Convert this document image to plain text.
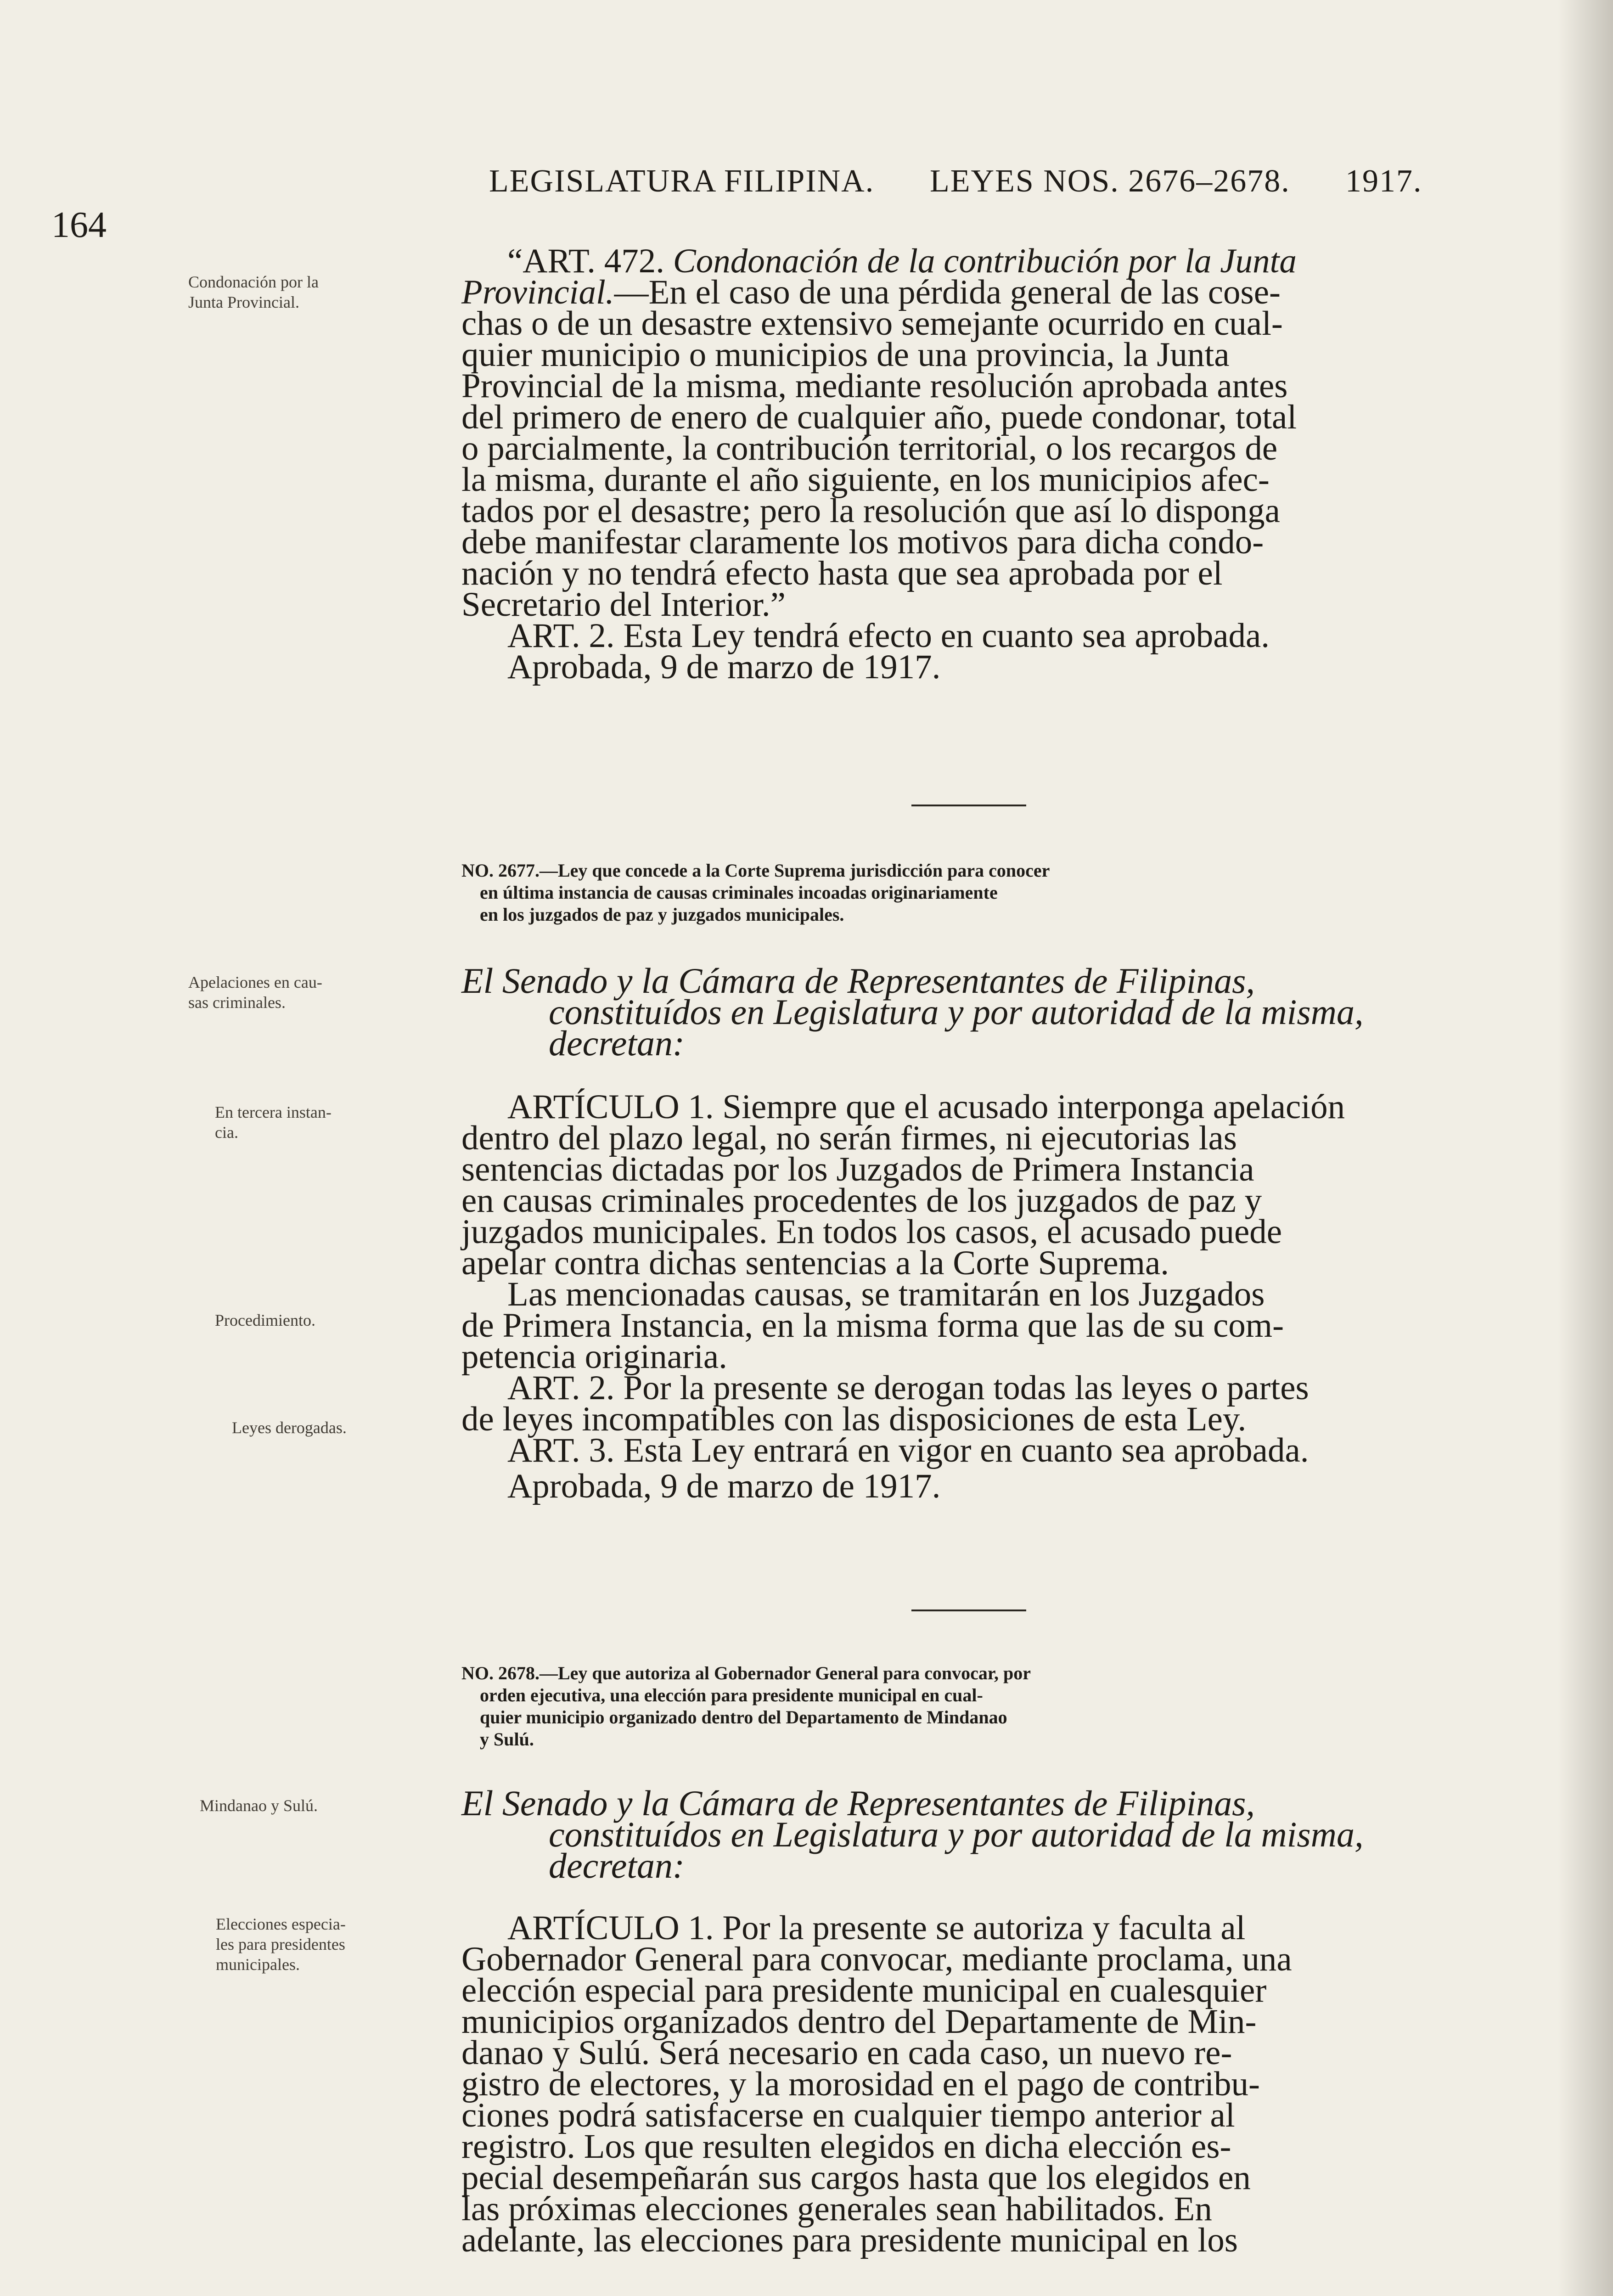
164
LEGISLATURA FILIPINA. LEYES NOS. 2676–2678. 1917.
Condonación por la
Junta Provincial.
Apelaciones en cau-
sas criminales.
En tercera instan-
cia.
Procedimiento.
Leyes derogadas.
Mindanao y Sulú.
Elecciones especia-
les para presidentes
municipales.
“ART. 472. Condonación de la contribución por la Junta
Provincial.—En el caso de una pérdida general de las cose-
chas o de un desastre extensivo semejante ocurrido en cual-
quier municipio o municipios de una provincia, la Junta
Provincial de la misma, mediante resolución aprobada antes
del primero de enero de cualquier año, puede condonar, total
o parcialmente, la contribución territorial, o los recargos de
la misma, durante el año siguiente, en los municipios afec-
tados por el desastre; pero la resolución que así lo disponga
debe manifestar claramente los motivos para dicha condo-
nación y no tendrá efecto hasta que sea aprobada por el
Secretario del Interior.”
ART. 2. Esta Ley tendrá efecto en cuanto sea aprobada.
Aprobada, 9 de marzo de 1917.
NO. 2677.—Ley que concede a la Corte Suprema jurisdicción para conocer
en última instancia de causas criminales incoadas originariamente
en los juzgados de paz y juzgados municipales.
El Senado y la Cámara de Representantes de Filipinas,
constituídos en Legislatura y por autoridad de la misma,
decretan:
ARTÍCULO 1. Siempre que el acusado interponga apelación
dentro del plazo legal, no serán firmes, ni ejecutorias las
sentencias dictadas por los Juzgados de Primera Instancia
en causas criminales procedentes de los juzgados de paz y
juzgados municipales. En todos los casos, el acusado puede
apelar contra dichas sentencias a la Corte Suprema.
Las mencionadas causas, se tramitarán en los Juzgados
de Primera Instancia, en la misma forma que las de su com-
petencia originaria.
ART. 2. Por la presente se derogan todas las leyes o partes
de leyes incompatibles con las disposiciones de esta Ley.
ART. 3. Esta Ley entrará en vigor en cuanto sea aprobada.
Aprobada, 9 de marzo de 1917.
NO. 2678.—Ley que autoriza al Gobernador General para convocar, por
orden ejecutiva, una elección para presidente municipal en cual-
quier municipio organizado dentro del Departamento de Mindanao
y Sulú.
El Senado y la Cámara de Representantes de Filipinas,
constituídos en Legislatura y por autoridad de la misma,
decretan:
ARTÍCULO 1. Por la presente se autoriza y faculta al
Gobernador General para convocar, mediante proclama, una
elección especial para presidente municipal en cualesquier
municipios organizados dentro del Departamente de Min-
danao y Sulú. Será necesario en cada caso, un nuevo re-
gistro de electores, y la morosidad en el pago de contribu-
ciones podrá satisfacerse en cualquier tiempo anterior al
registro. Los que resulten elegidos en dicha elección es-
pecial desempeñarán sus cargos hasta que los elegidos en
las próximas elecciones generales sean habilitados. En
adelante, las elecciones para presidente municipal en los
